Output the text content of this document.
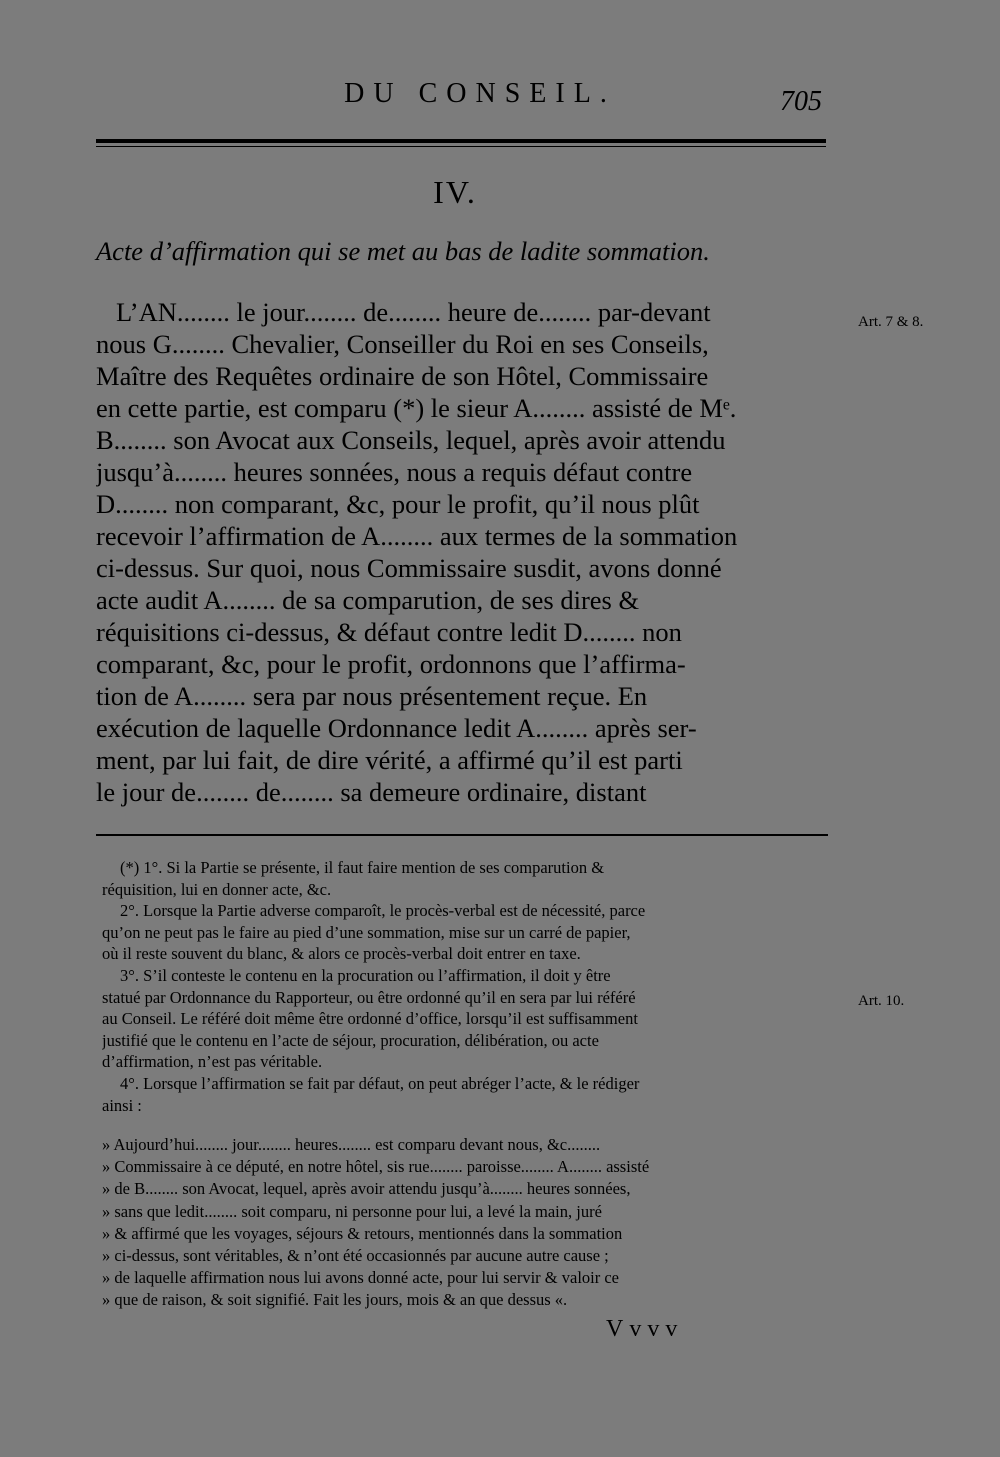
DU CONSEIL.	705
IV.
Acte d’affirmation qui se met au bas de ladite sommation.
L’AN........ le jour........ de........ heure de........ par-devant
nous G........ Chevalier, Conseiller du Roi en ses Conseils,
Maître des Requêtes ordinaire de son Hôtel, Commissaire
en cette partie, est comparu (*) le sieur A........ assisté de Mᵉ.
B........ son Avocat aux Conseils, lequel, après avoir attendu
jusqu’à........ heures sonnées, nous a requis défaut contre
D........ non comparant, &c, pour le profit, qu’il nous plût
recevoir l’affirmation de A........ aux termes de la sommation
ci-dessus. Sur quoi, nous Commissaire susdit, avons donné
acte audit A........ de sa comparution, de ses dires &
réquisitions ci-dessus, & défaut contre ledit D........ non
comparant, &c, pour le profit, ordonnons que l’affirma-
tion de A........ sera par nous présentement reçue. En
exécution de laquelle Ordonnance ledit A........ après ser-
ment, par lui fait, de dire vérité, a affirmé qu’il est parti
le jour de........ de........ sa demeure ordinaire, distant
Art. 7 & 8.
Art. 10.
(*) 1°. Si la Partie se présente, il faut faire mention de ses comparution &
réquisition, lui en donner acte, &c.
2°. Lorsque la Partie adverse comparoît, le procès-verbal est de nécessité, parce
qu’on ne peut pas le faire au pied d’une sommation, mise sur un carré de papier,
où il reste souvent du blanc, & alors ce procès-verbal doit entrer en taxe.
3°. S’il conteste le contenu en la procuration ou l’affirmation, il doit y être
statué par Ordonnance du Rapporteur, ou être ordonné qu’il en sera par lui référé
au Conseil. Le référé doit même être ordonné d’office, lorsqu’il est suffisamment
justifié que le contenu en l’acte de séjour, procuration, délibération, ou acte
d’affirmation, n’est pas véritable.
4°. Lorsque l’affirmation se fait par défaut, on peut abréger l’acte, & le rédiger
ainsi :
» Aujourd’hui........ jour........ heures........ est comparu devant nous, &c........
» Commissaire à ce député, en notre hôtel, sis rue........ paroisse........ A........ assisté
» de B........ son Avocat, lequel, après avoir attendu jusqu’à........ heures sonnées,
» sans que ledit........ soit comparu, ni personne pour lui, a levé la main, juré
» & affirmé que les voyages, séjours & retours, mentionnés dans la sommation
» ci-dessus, sont véritables, & n’ont été occasionnés par aucune autre cause ;
» de laquelle affirmation nous lui avons donné acte, pour lui servir & valoir ce
» que de raison, & soit signifié. Fait les jours, mois & an que dessus «.
Vvvv
